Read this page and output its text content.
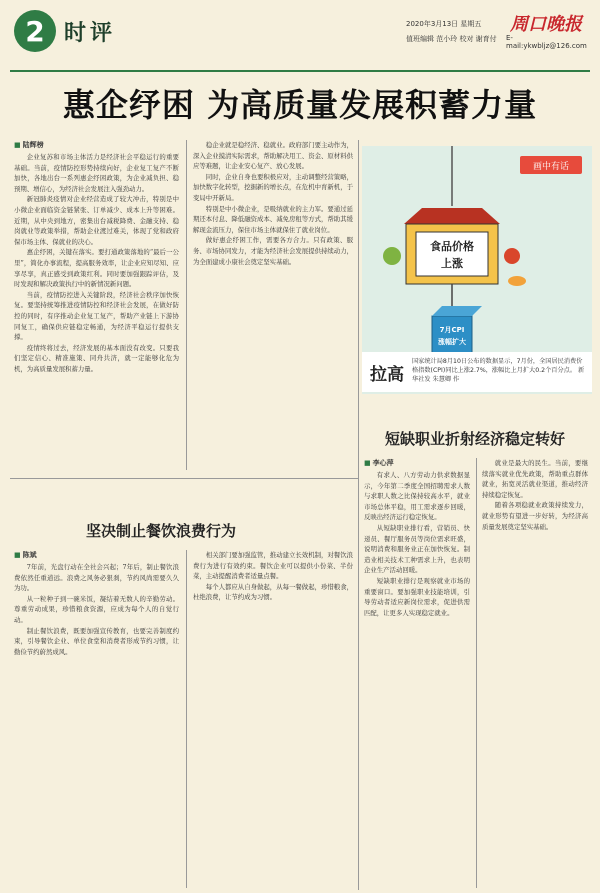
2 时评	2020年3月13日 星期五
值班编辑 范小玲 校对 谢育付
周口晚报
E-mail:ykwbljz@126.com
惠企纾困 为高质量发展积蓄力量
■ 陆辉榜

企业复苏和市场主体活力是经济社会平稳运行的重要基础。当前，疫情防控形势持续向好，企业复工复产不断加快，各地出台一系列惠企纾困政策，为企业减负担、稳预期、增信心，为经济社会发展注入强劲动力。

新冠肺炎疫情对企业经营造成了较大冲击，特别是中小微企业面临资金链紧张、订单减少、成本上升等困难。近期，从中央到地方，密集出台减税降费、金融支持、稳岗就业等政策举措，帮助企业渡过难关，体现了党和政府保市场主体、保就业的决心。

惠企纾困，关键在落实。要打通政策落地的“最后一公里”，简化办事流程，提高服务效率，让企业应知尽知、应享尽享，真正感受到政策红利。同时要加强跟踪评估，及时发现和解决政策执行中的新情况新问题。

当前，疫情防控进入关键阶段，经济社会秩序加快恢复。要坚持统筹推进疫情防控和经济社会发展，在做好防控的同时，有序推动企业复工复产，帮助产业链上下游协同复工，确保供应链稳定畅通，为经济平稳运行提供支撑。

疫情终将过去，经济发展的基本面没有改变。只要我们坚定信心、精准施策、同舟共济，就一定能够化危为机，为高质量发展积蓄力量。

稳企业就是稳经济、稳就业。政府部门要主动作为，深入企业摸清实际需求，帮助解决用工、资金、原材料供应等难题，让企业安心复产、放心发展。

同时，企业自身也要积极应对，主动调整经营策略，加快数字化转型，挖掘新的增长点，在危机中育新机，于变局中开新局。

特别是中小微企业，是吸纳就业的主力军。要通过延期还本付息、降低融资成本、减免房租等方式，帮助其缓解现金流压力，保住市场主体就保住了就业岗位。

做好惠企纾困工作，需要各方合力。只有政策、服务、市场协同发力，才能为经济社会发展提供持续动力，为全面建成小康社会奠定坚实基础。

食品价格
上涨
7月CPI
涨幅扩大
画中有话
拉高
国家统计局8月10日公布的数据显示，7月份，全国居民消费价格指数(CPI)同比上涨2.7%，涨幅比上月扩大0.2个百分点。 新华社发 朱慧卿 作
短缺职业折射经济稳定转好
■ 李心萍

有求人、八方劳动力供求数据显示，今年第二季度全国招聘需求人数与求职人数之比保持较高水平，就业市场总体平稳，用工需求逐步回暖，反映出经济运行稳定恢复。

从短缺职业排行看，营销员、快递员、餐厅服务员等岗位需求旺盛，说明消费和服务业正在加快恢复。制造业相关技术工种需求上升，也表明企业生产活动回暖。

短缺职业排行是观察就业市场的重要窗口。要加强职业技能培训，引导劳动者适应新岗位需求，促进供需匹配，让更多人实现稳定就业。

就业是最大的民生。当前，要继续落实就业优先政策，帮助重点群体就业，拓宽灵活就业渠道，推动经济持续稳定恢复。

随着各项稳就业政策持续发力，就业形势有望进一步好转，为经济高质量发展奠定坚实基础。

坚决制止餐饮浪费行为
■ 陈斌

7年前，光盘行动在全社会兴起；7年后，制止餐饮浪费依然任重道远。浪费之风务必狠刹，节约风尚需要久久为功。

从一粒种子到一碗米饭，凝结着无数人的辛勤劳动。尊重劳动成果，珍惜粮食资源，应成为每个人的自觉行动。

制止餐饮浪费，既要加强宣传教育，也要完善制度约束，引导餐饮企业、单位食堂和消费者形成节约习惯，让勤俭节约蔚然成风。

相关部门要加强监管，推动建立长效机制，对餐饮浪费行为进行有效约束。餐饮企业可以提供小份菜、半份菜，主动提醒消费者适量点餐。

每个人都应从自身做起，从每一餐做起，珍惜粮食，杜绝浪费，让节约成为习惯。
